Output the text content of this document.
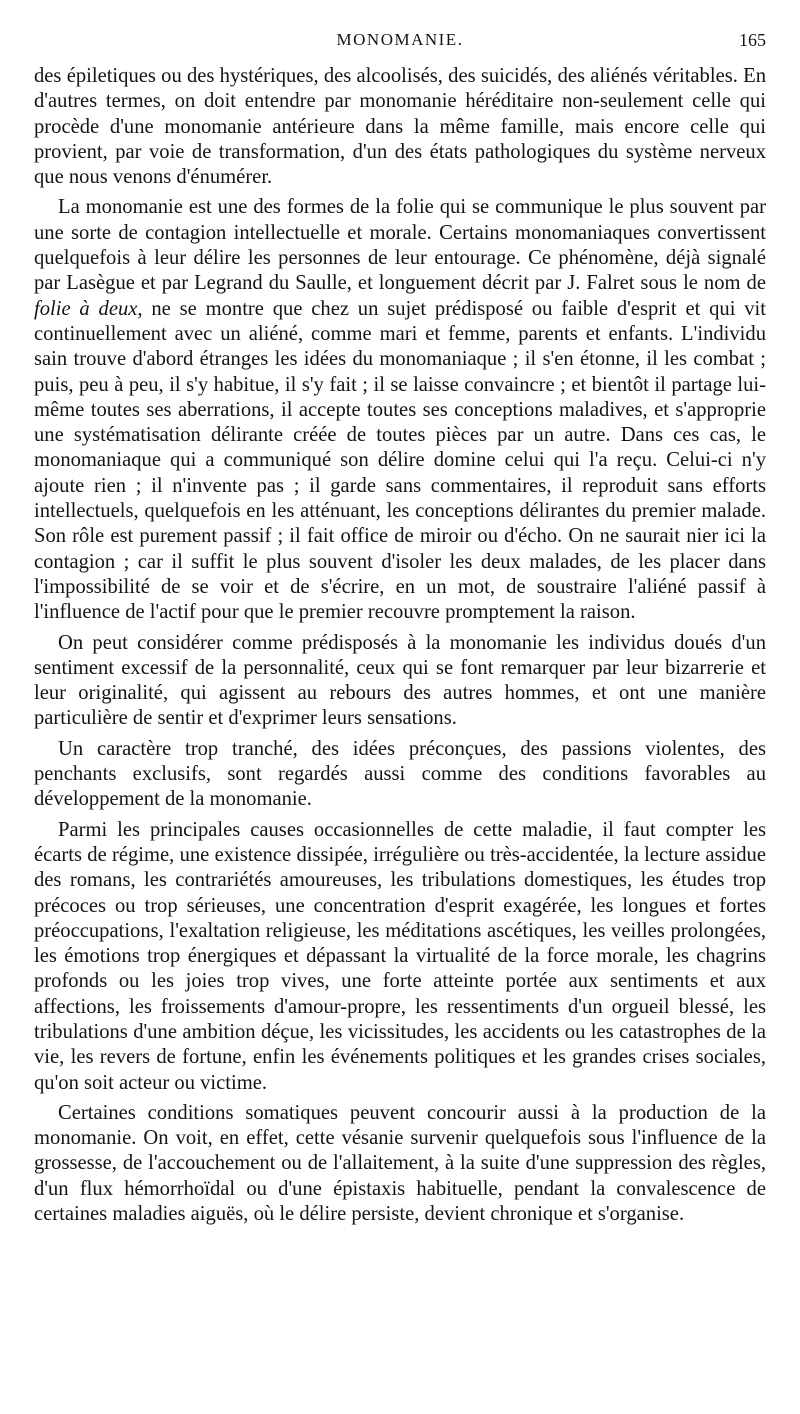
MONOMANIE.	165

des épiletiques ou des hystériques, des alcoolisés, des suicidés, des aliénés véritables. En d'autres termes, on doit entendre par monomanie héréditaire non-seulement celle qui procède d'une monomanie antérieure dans la même famille, mais encore celle qui provient, par voie de transformation, d'un des états pathologiques du système nerveux que nous venons d'énumérer.

La monomanie est une des formes de la folie qui se communique le plus souvent par une sorte de contagion intellectuelle et morale. Certains monomaniaques convertissent quelquefois à leur délire les personnes de leur entourage. Ce phénomène, déjà signalé par Lasègue et par Legrand du Saulle, et longuement décrit par J. Falret sous le nom de folie à deux, ne se montre que chez un sujet prédisposé ou faible d'esprit et qui vit continuellement avec un aliéné, comme mari et femme, parents et enfants. L'individu sain trouve d'abord étranges les idées du monomaniaque ; il s'en étonne, il les combat ; puis, peu à peu, il s'y habitue, il s'y fait ; il se laisse convaincre ; et bientôt il partage lui-même toutes ses aberrations, il accepte toutes ses conceptions maladives, et s'approprie une systématisation délirante créée de toutes pièces par un autre. Dans ces cas, le monomaniaque qui a communiqué son délire domine celui qui l'a reçu. Celui-ci n'y ajoute rien ; il n'invente pas ; il garde sans commentaires, il reproduit sans efforts intellectuels, quelquefois en les atténuant, les conceptions délirantes du premier malade. Son rôle est purement passif ; il fait office de miroir ou d'écho. On ne saurait nier ici la contagion ; car il suffit le plus souvent d'isoler les deux malades, de les placer dans l'impossibilité de se voir et de s'écrire, en un mot, de soustraire l'aliéné passif à l'influence de l'actif pour que le premier recouvre promptement la raison.

On peut considérer comme prédisposés à la monomanie les individus doués d'un sentiment excessif de la personnalité, ceux qui se font remarquer par leur bizarrerie et leur originalité, qui agissent au rebours des autres hommes, et ont une manière particulière de sentir et d'exprimer leurs sensations.

Un caractère trop tranché, des idées préconçues, des passions violentes, des penchants exclusifs, sont regardés aussi comme des conditions favorables au développement de la monomanie.

Parmi les principales causes occasionnelles de cette maladie, il faut compter les écarts de régime, une existence dissipée, irrégulière ou très-accidentée, la lecture assidue des romans, les contrariétés amoureuses, les tribulations domestiques, les études trop précoces ou trop sérieuses, une concentration d'esprit exagérée, les longues et fortes préoccupations, l'exaltation religieuse, les méditations ascétiques, les veilles prolongées, les émotions trop énergiques et dépassant la virtualité de la force morale, les chagrins profonds ou les joies trop vives, une forte atteinte portée aux sentiments et aux affections, les froissements d'amour-propre, les ressentiments d'un orgueil blessé, les tribulations d'une ambition déçue, les vicissitudes, les accidents ou les catastrophes de la vie, les revers de fortune, enfin les événements politiques et les grandes crises sociales, qu'on soit acteur ou victime.

Certaines conditions somatiques peuvent concourir aussi à la production de la monomanie. On voit, en effet, cette vésanie survenir quelquefois sous l'influence de la grossesse, de l'accouchement ou de l'allaitement, à la suite d'une suppression des règles, d'un flux hémorrhoïdal ou d'une épistaxis habituelle, pendant la convalescence de certaines maladies aiguës, où le délire persiste, devient chronique et s'organise.
